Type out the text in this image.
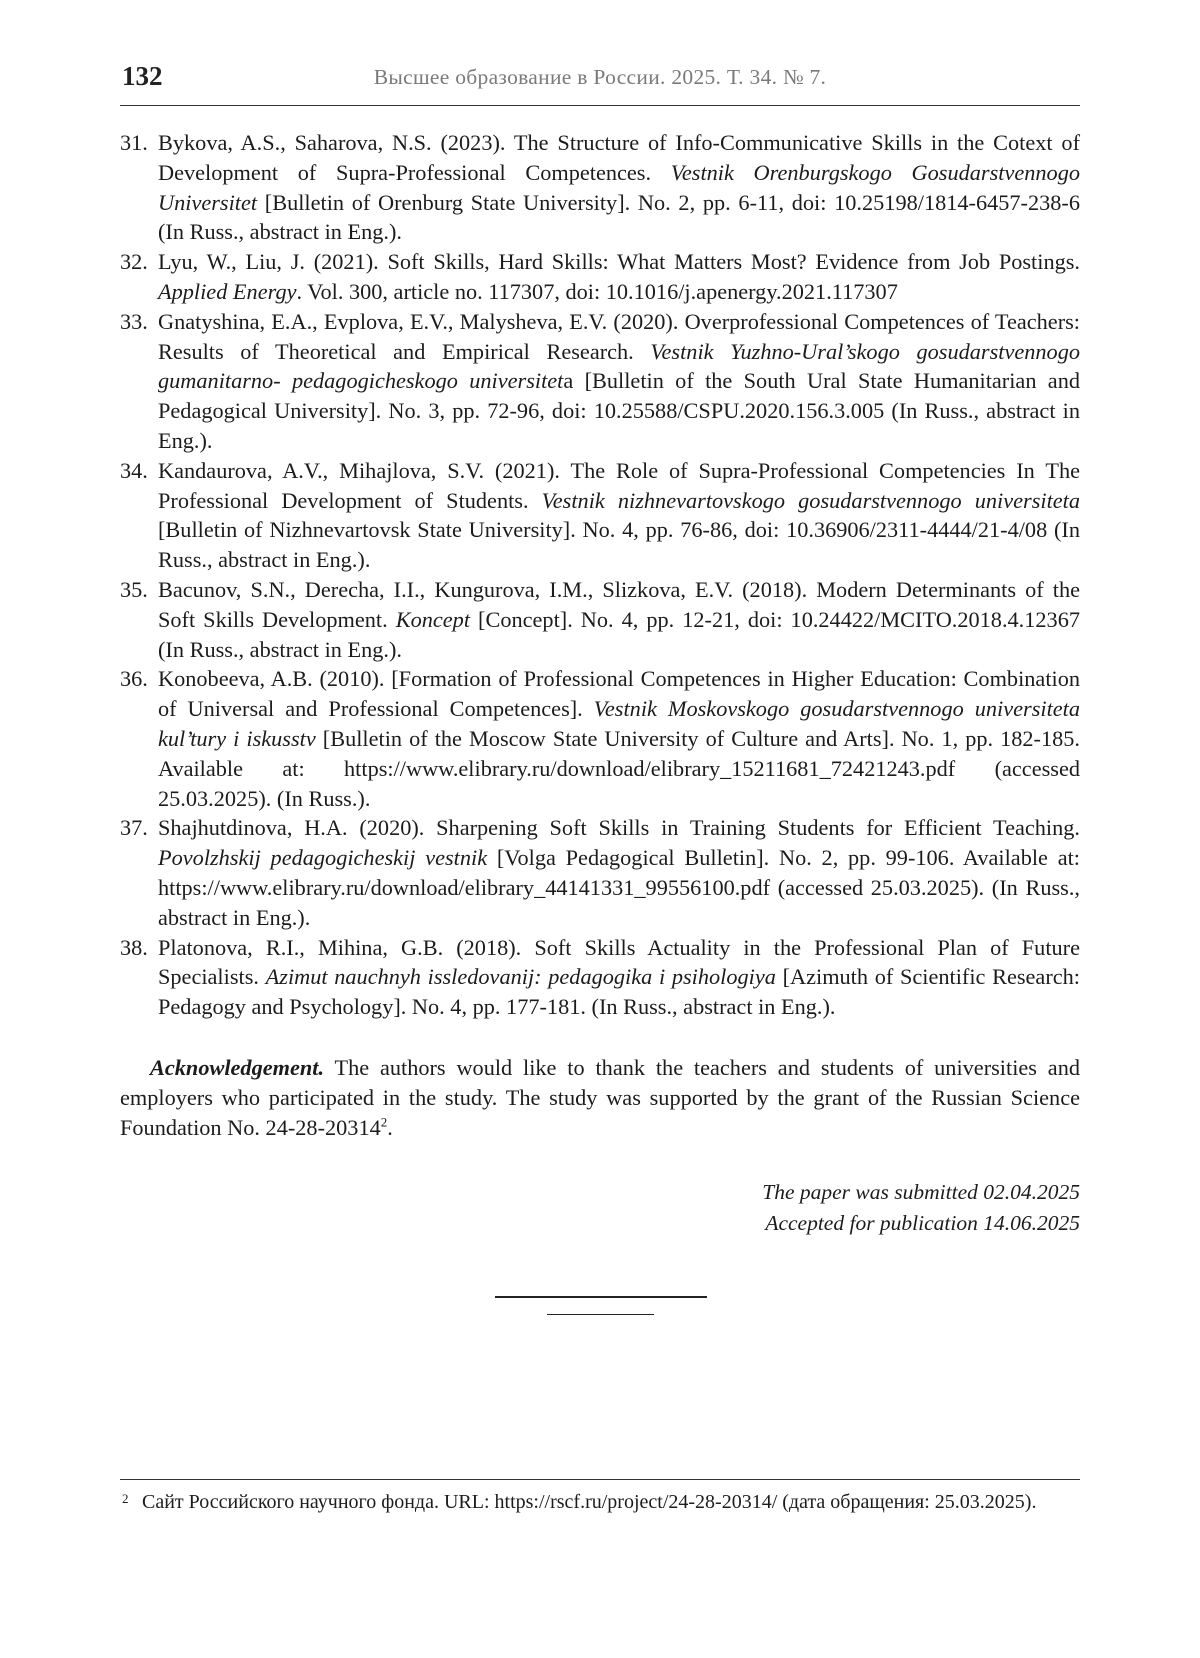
132	Высшее образование в России. 2025. Т. 34. № 7.
31. Bykova, A.S., Saharova, N.S. (2023). The Structure of Info-Communicative Skills in the Cotext of Development of Supra-Professional Competences. Vestnik Orenburgskogo Gosudarstvennogo Universitet [Bulletin of Orenburg State University]. No. 2, pp. 6-11, doi: 10.25198/1814-6457-238-6 (In Russ., abstract in Eng.).
32. Lyu, W., Liu, J. (2021). Soft Skills, Hard Skills: What Matters Most? Evidence from Job Postings. Applied Energy. Vol. 300, article no. 117307, doi: 10.1016/j.apenergy.2021.117307
33. Gnatyshina, E.A., Evplova, E.V., Malysheva, E.V. (2020). Overprofessional Competences of Teachers: Results of Theoretical and Empirical Research. Vestnik Yuzhno-Ural’skogo gosudarstvennogo gumanitarno- pedagogicheskogo universiteta [Bulletin of the South Ural State Humanitarian and Pedagogical University]. No. 3, pp. 72-96, doi: 10.25588/CSPU.2020.156.3.005 (In Russ., abstract in Eng.).
34. Kandaurova, A.V., Mihajlova, S.V. (2021). The Role of Supra-Professional Competencies In The Professional Development of Students. Vestnik nizhnevartovskogo gosudarstvennogo universiteta [Bulletin of Nizhnevartovsk State University]. No. 4, pp. 76-86, doi: 10.36906/2311-4444/21-4/08 (In Russ., abstract in Eng.).
35. Bacunov, S.N., Derecha, I.I., Kungurova, I.M., Slizkova, E.V. (2018). Modern Determinants of the Soft Skills Development. Koncept [Concept]. No. 4, pp. 12-21, doi: 10.24422/MCITO.2018.4.12367 (In Russ., abstract in Eng.).
36. Konobeeva, A.B. (2010). [Formation of Professional Competences in Higher Education: Combination of Universal and Professional Competences]. Vestnik Moskovskogo gosudarstvennogo universiteta kul’tury i iskusstv [Bulletin of the Moscow State University of Culture and Arts]. No. 1, pp. 182-185. Available at: https://www.elibrary.ru/download/elibrary_15211681_72421243.pdf (accessed 25.03.2025). (In Russ.).
37. Shajhutdinova, H.A. (2020). Sharpening Soft Skills in Training Students for Efficient Teaching. Povolzhskij pedagogicheskij vestnik [Volga Pedagogical Bulletin]. No. 2, pp. 99-106. Available at: https://www.elibrary.ru/download/elibrary_44141331_99556100.pdf (accessed 25.03.2025). (In Russ., abstract in Eng.).
38. Platonova, R.I., Mihina, G.B. (2018). Soft Skills Actuality in the Professional Plan of Future Specialists. Azimut nauchnyh issledovanij: pedagogika i psihologiya [Azimuth of Scientific Research: Pedagogy and Psychology]. No. 4, pp. 177-181. (In Russ., abstract in Eng.).

Acknowledgement. The authors would like to thank the teachers and students of universities and employers who participated in the study. The study was supported by the grant of the Russian Science Foundation No. 24-28-20314$^2$.

The paper was submitted 02.04.2025
Accepted for publication 14.06.2025
2 Сайт Российского научного фонда. URL: https://rscf.ru/project/24-28-20314/ (дата обращения: 25.03.2025).
